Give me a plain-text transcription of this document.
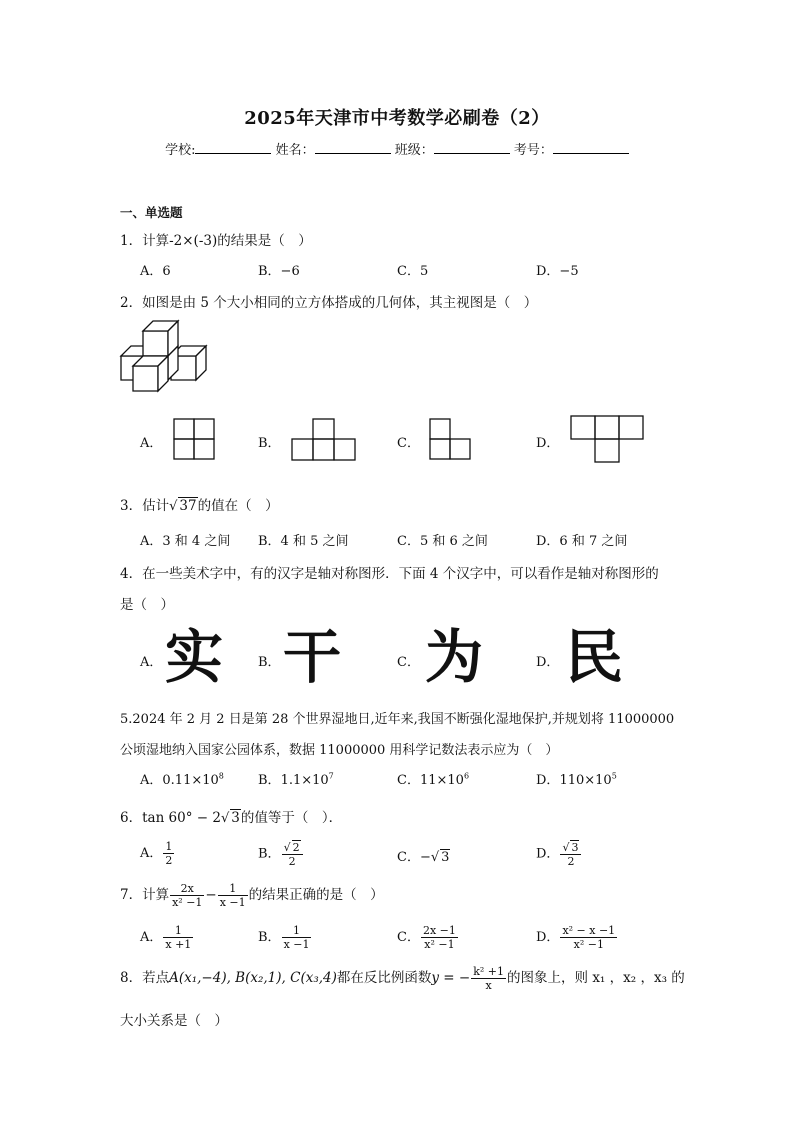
2025年天津市中考数学必刷卷（2）
学校:	姓名：	班级：	考号：
一、单选题
1．计算-2×(-3)的结果是（　）
A．6	B．−6	C．5	D．−5
2．如图是由 5 个大小相同的立方体搭成的几何体，其主视图是（　）
A．	B．	C．	D．
3．估计√ 37的值在（　）
A．3 和 4 之间 B．4 和 5 之间	C．5 和 6 之间	D．6 和 7 之间
4．在一些美术字中，有的汉字是轴对称图形．下面 4 个汉字中，可以看作是轴对称图形的
是（　）
A． 实	B． 干	C． 为	D． 民
5.2024 年 2 月 2 日是第 28 个世界湿地日,近年来,我国不断强化湿地保护,并规划将 11000000
公顷湿地纳入国家公园体系，数据 11000000 用科学记数法表示应为（　）
A．$0.11\times 10^8$	B．$1.1\times 10^7$	C．$11\times 10^6$	D．$110\times 10^5$
6．tan 60° − 2√ 3的值等于（　）．
A． $\frac{1}{2}$	B． $\frac{√ 2}{2}$	C．−√ 3	D． $\frac{√ 3}{2}$
7．计算 $\frac{2x}{\text{x² −1}} - \frac{1}{x -1}$ 的结果正确的是（　）
A． $\frac{1}{x +1}$	B． $\frac{1}{x -1}$	C． $\frac{2x -1}{\text{x² −1}}$	D． $\frac{\text{x² − x −1}}{\text{x² −1}}$
8．若点A(x₁,−4), B(x₂,1), C(x₃,4)都在反比例函数y = − $\frac{\text{k² +1}}{x}$ 的图象上，则 x₁ ，x₂ ，x₃ 的
大小关系是（　）
